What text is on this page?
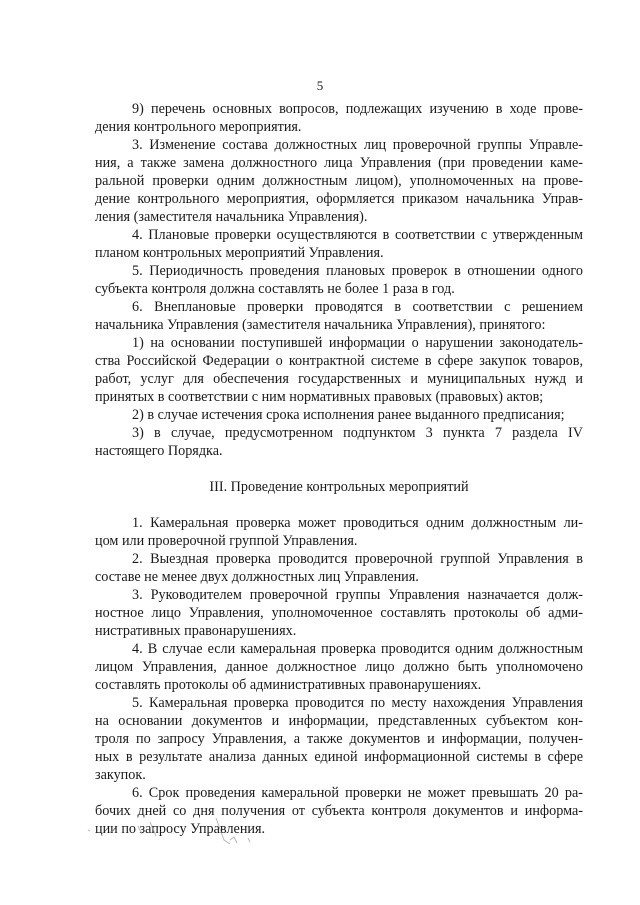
5
9) перечень основных вопросов, подлежащих изучению в ходе прове-
дения контрольного мероприятия.
3. Изменение состава должностных лиц проверочной группы Управле-
ния, а также замена должностного лица Управления (при проведении каме-
ральной проверки одним должностным лицом), уполномоченных на прове-
дение контрольного мероприятия, оформляется приказом начальника Управ-
ления (заместителя начальника Управления).
4. Плановые проверки осуществляются в соответствии с утвержденным
планом контрольных мероприятий Управления.
5. Периодичность проведения плановых проверок в отношении одного
субъекта контроля должна составлять не более 1 раза в год.
6. Внеплановые проверки проводятся в соответствии с решением
начальника Управления (заместителя начальника Управления), принятого:
1) на основании поступившей информации о нарушении законодатель-
ства Российской Федерации о контрактной системе в сфере закупок товаров,
работ, услуг для обеспечения государственных и муниципальных нужд и
принятых в соответствии с ним нормативных правовых (правовых) актов;
2) в случае истечения срока исполнения ранее выданного предписания;
3) в случае, предусмотренном подпунктом 3 пункта 7 раздела IV
настоящего Порядка.
III. Проведение контрольных мероприятий
1. Камеральная проверка может проводиться одним должностным ли-
цом или проверочной группой Управления.
2. Выездная проверка проводится проверочной группой Управления в
составе не менее двух должностных лиц Управления.
3. Руководителем проверочной группы Управления назначается долж-
ностное лицо Управления, уполномоченное составлять протоколы об адми-
нистративных правонарушениях.
4. В случае если камеральная проверка проводится одним должностным
лицом Управления, данное должностное лицо должно быть уполномочено
составлять протоколы об административных правонарушениях.
5. Камеральная проверка проводится по месту нахождения Управления
на основании документов и информации, представленных субъектом кон-
троля по запросу Управления, а также документов и информации, получен-
ных в результате анализа данных единой информационной системы в сфере
закупок.
6. Срок проведения камеральной проверки не может превышать 20 ра-
бочих дней со дня получения от субъекта контроля документов и информа-
ции по запросу Управления.
